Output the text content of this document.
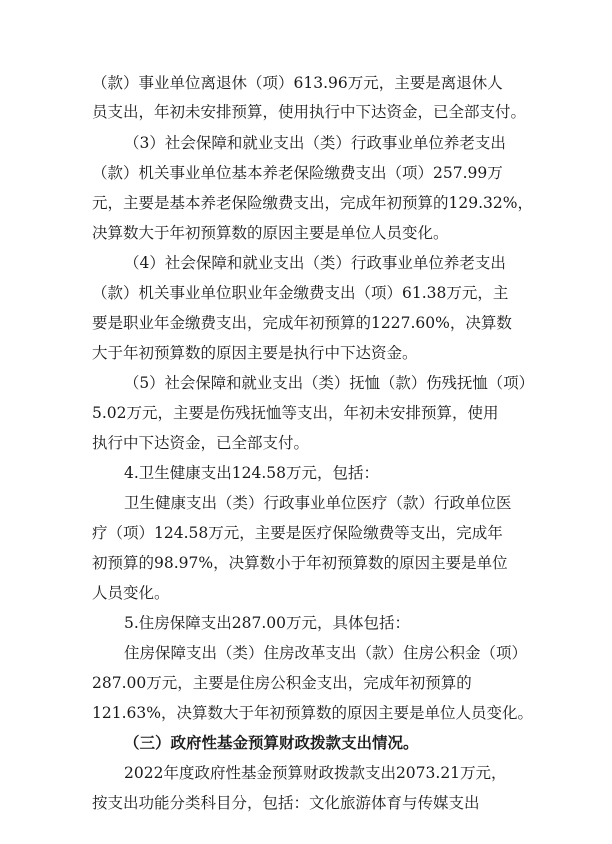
（款）事业单位离退休（项）613.96万元，主要是离退休人
员支出，年初未安排预算，使用执行中下达资金，已全部支付。
（3）社会保障和就业支出（类）行政事业单位养老支出
（款）机关事业单位基本养老保险缴费支出（项）257.99万
元，主要是基本养老保险缴费支出，完成年初预算的129.32%，
决算数大于年初预算数的原因主要是单位人员变化。
（4）社会保障和就业支出（类）行政事业单位养老支出
（款）机关事业单位职业年金缴费支出（项）61.38万元，主
要是职业年金缴费支出，完成年初预算的1227.60%，决算数
大于年初预算数的原因主要是执行中下达资金。
（5）社会保障和就业支出（类）抚恤（款）伤残抚恤（项）
5.02万元，主要是伤残抚恤等支出，年初未安排预算，使用
执行中下达资金，已全部支付。
4.卫生健康支出124.58万元，包括：
卫生健康支出（类）行政事业单位医疗（款）行政单位医
疗（项）124.58万元，主要是医疗保险缴费等支出，完成年
初预算的98.97%，决算数小于年初预算数的原因主要是单位
人员变化。
5.住房保障支出287.00万元，具体包括：
住房保障支出（类）住房改革支出（款）住房公积金（项）
287.00万元，主要是住房公积金支出，完成年初预算的
121.63%，决算数大于年初预算数的原因主要是单位人员变化。
（三）政府性基金预算财政拨款支出情况。
2022年度政府性基金预算财政拨款支出2073.21万元，
按支出功能分类科目分，包括：文化旅游体育与传媒支出
